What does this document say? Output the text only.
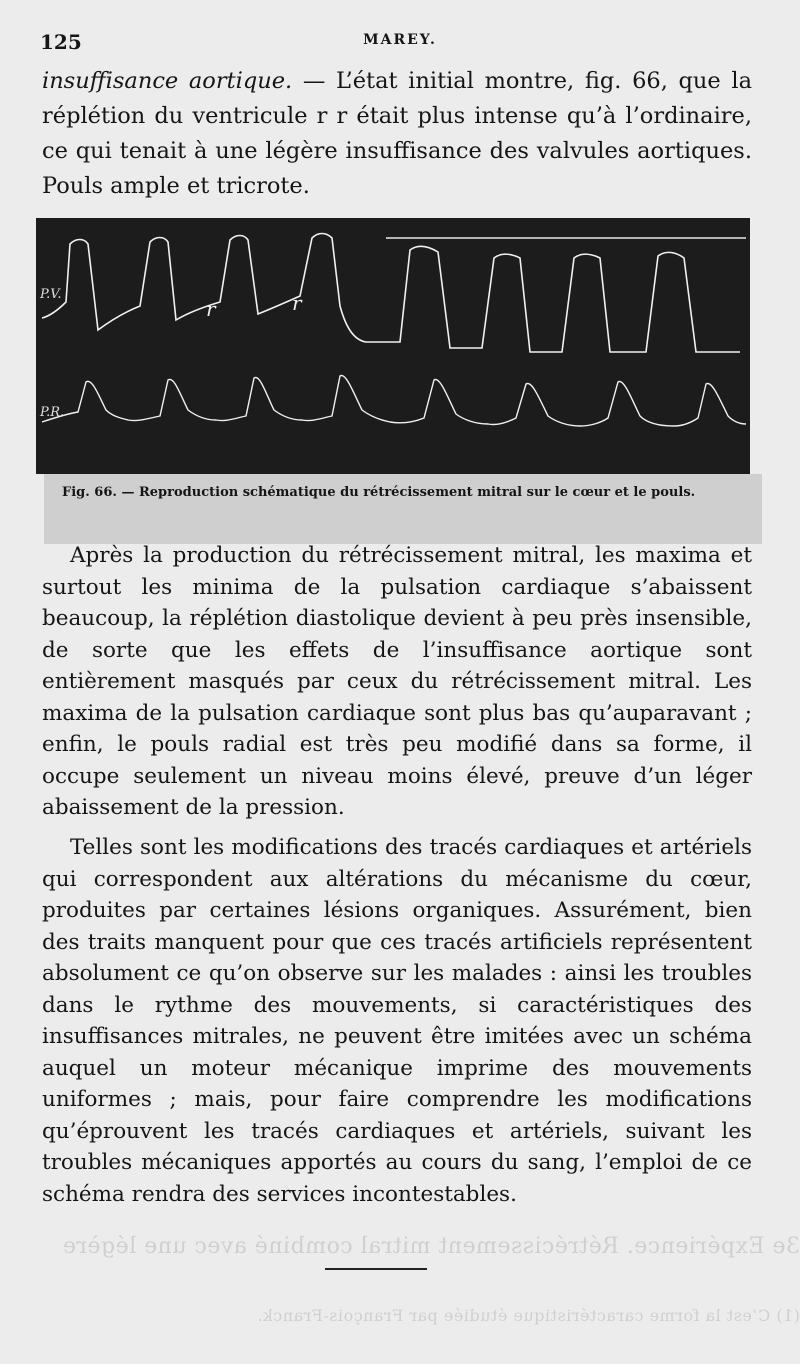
3e Expérience. Rétrécissement mitral combiné avec une légère
(1) C’est la forme caractéristique étudiée par François-Franck.
125	MAREY.

insuffisance aortique. — L’état initial montre, fig. 66, que la réplétion du ventricule r r était plus intense qu’à l’ordinaire, ce qui tenait à une légère insuffisance des valvules aortiques. Pouls ample et tricrote.

P.V.
P.R.
r	r
Fig. 66. — Reproduction schématique du rétrécissement mitral sur le cœur et le pouls.

Après la production du rétrécissement mitral, les maxima et surtout les minima de la pulsation cardiaque s’abaissent beaucoup, la réplétion diastolique devient à peu près insensible, de sorte que les effets de l’insuffisance aortique sont entièrement masqués par ceux du rétrécissement mitral. Les maxima de la pulsation cardiaque sont plus bas qu’auparavant ; enfin, le pouls radial est très peu modifié dans sa forme, il occupe seulement un niveau moins élevé, preuve d’un léger abaissement de la pression.

Telles sont les modifications des tracés cardiaques et artériels qui correspondent aux altérations du mécanisme du cœur, produites par certaines lésions organiques. Assurément, bien des traits manquent pour que ces tracés artificiels représentent absolument ce qu’on observe sur les malades : ainsi les troubles dans le rythme des mouvements, si caractéristiques des insuffisances mitrales, ne peuvent être imitées avec un schéma auquel un moteur mécanique imprime des mouvements uniformes ; mais, pour faire comprendre les modifications qu’éprouvent les tracés cardiaques et artériels, suivant les troubles mécaniques apportés au cours du sang, l’emploi de ce schéma rendra des services incontestables.
